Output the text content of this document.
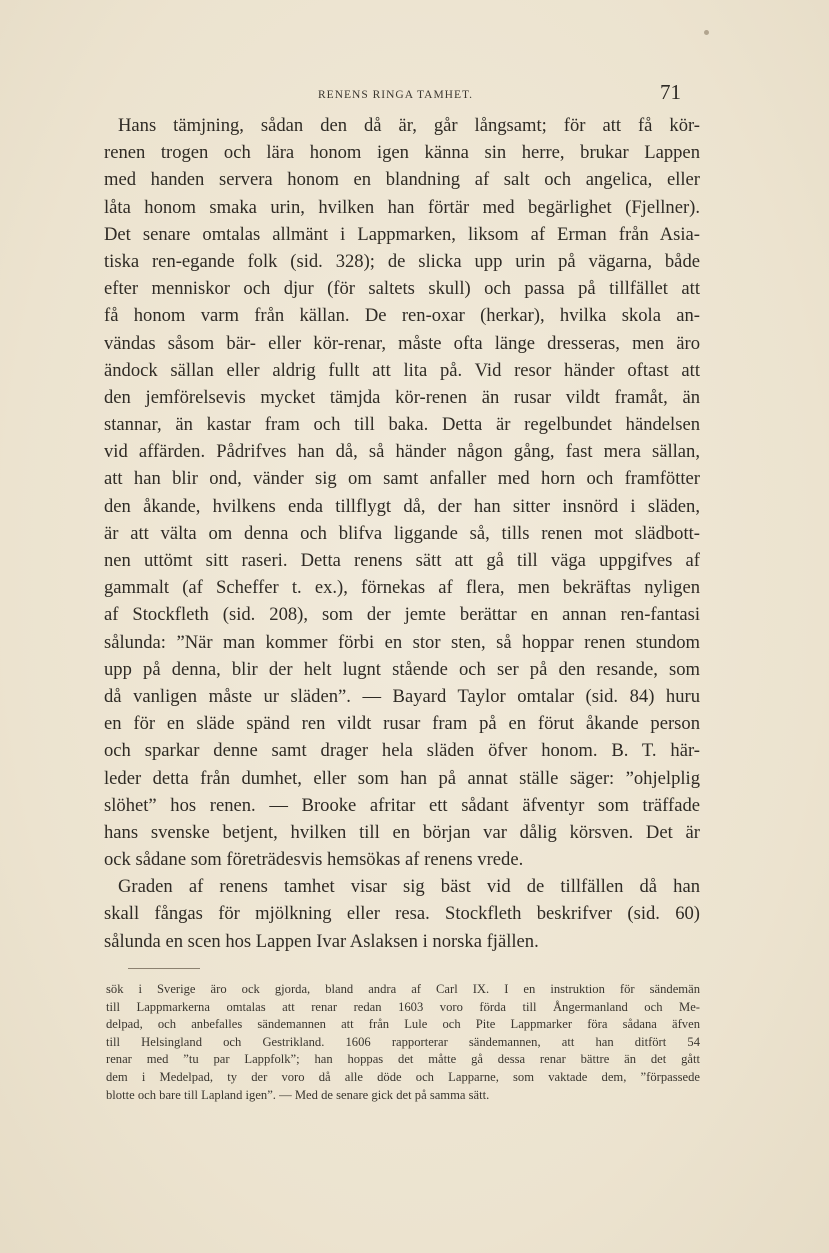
RENENS RINGA TAMHET.	71
Hans tämjning, sådan den då är, går långsamt; för att få kör-
renen trogen och lära honom igen känna sin herre, brukar Lappen
med handen servera honom en blandning af salt och angelica, eller
låta honom smaka urin, hvilken han förtär med begärlighet (Fjellner).
Det senare omtalas allmänt i Lappmarken, liksom af Erman från Asia-
tiska ren-egande folk (sid. 328); de slicka upp urin på vägarna, både
efter menniskor och djur (för saltets skull) och passa på tillfället att
få honom varm från källan. De ren-oxar (herkar), hvilka skola an-
vändas såsom bär- eller kör-renar, måste ofta länge dresseras, men äro
ändock sällan eller aldrig fullt att lita på. Vid resor händer oftast att
den jemförelsevis mycket tämjda kör-renen än rusar vildt framåt, än
stannar, än kastar fram och till baka. Detta är regelbundet händelsen
vid affärden. Pådrifves han då, så händer någon gång, fast mera sällan,
att han blir ond, vänder sig om samt anfaller med horn och framfötter
den åkande, hvilkens enda tillflygt då, der han sitter insnörd i släden,
är att välta om denna och blifva liggande så, tills renen mot slädbott-
nen uttömt sitt raseri. Detta renens sätt att gå till väga uppgifves af
gammalt (af Scheffer t. ex.), förnekas af flera, men bekräftas nyligen
af Stockfleth (sid. 208), som der jemte berättar en annan ren-fantasi
sålunda: ”När man kommer förbi en stor sten, så hoppar renen stundom
upp på denna, blir der helt lugnt stående och ser på den resande, som
då vanligen måste ur släden”. — Bayard Taylor omtalar (sid. 84) huru
en för en släde spänd ren vildt rusar fram på en förut åkande person
och sparkar denne samt drager hela släden öfver honom. B. T. här-
leder detta från dumhet, eller som han på annat ställe säger: ”ohjelplig
slöhet” hos renen. — Brooke afritar ett sådant äfventyr som träffade
hans svenske betjent, hvilken till en början var dålig körsven. Det är
ock sådane som företrädesvis hemsökas af renens vrede.
Graden af renens tamhet visar sig bäst vid de tillfällen då han
skall fångas för mjölkning eller resa. Stockfleth beskrifver (sid. 60)
sålunda en scen hos Lappen Ivar Aslaksen i norska fjällen.
sök i Sverige äro ock gjorda, bland andra af Carl IX. I en instruktion för sändemän
till Lappmarkerna omtalas att renar redan 1603 voro förda till Ångermanland och Me-
delpad, och anbefalles sändemannen att från Lule och Pite Lappmarker föra sådana äfven
till Helsingland och Gestrikland. 1606 rapporterar sändemannen, att han ditfört 54
renar med ”tu par Lappfolk”; han hoppas det måtte gå dessa renar bättre än det gått
dem i Medelpad, ty der voro då alle döde och Lapparne, som vaktade dem, ”förpassede
blotte och bare till Lapland igen”. — Med de senare gick det på samma sätt.
